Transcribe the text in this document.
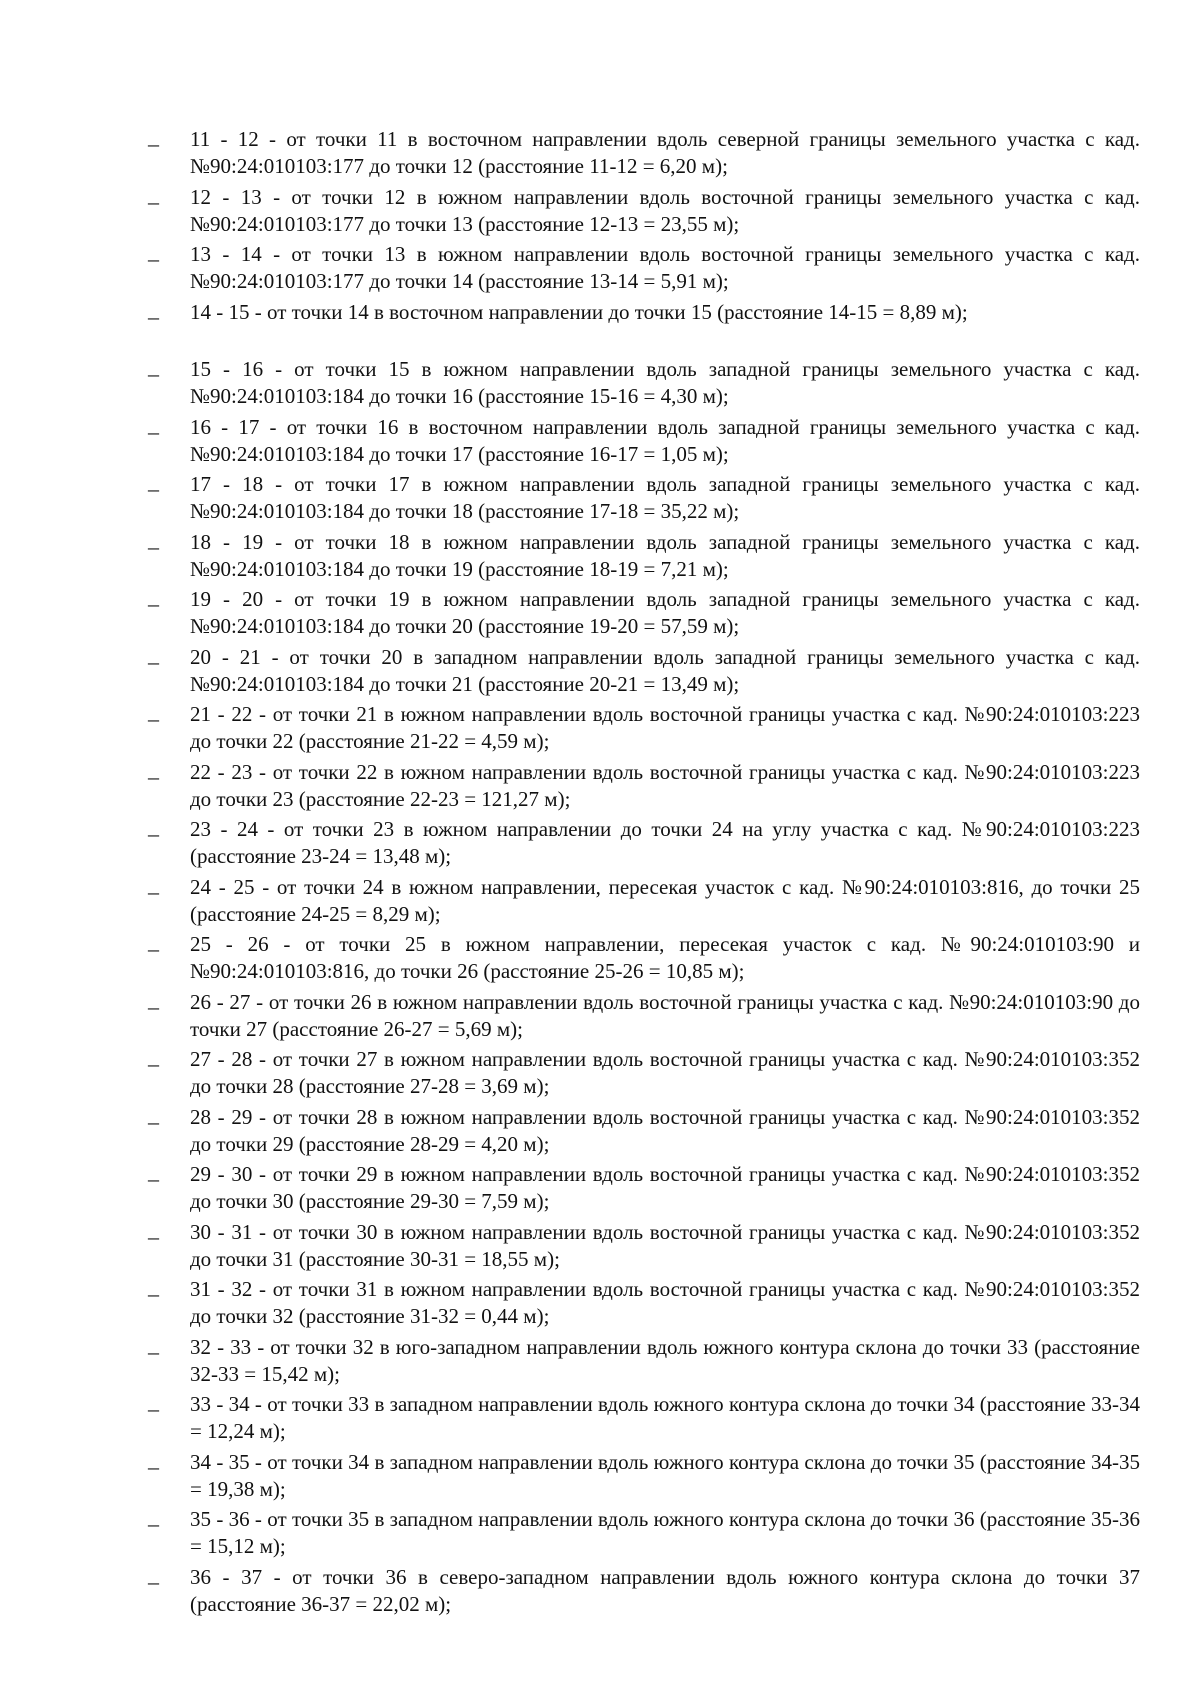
– 11 - 12 - от точки 11 в восточном направлении вдоль северной границы земельного участка с кад. №90:24:010103:177 до точки 12 (расстояние 11-12 = 6,20 м);
– 12 - 13 - от точки 12 в южном направлении вдоль восточной границы земельного участка с кад. №90:24:010103:177 до точки 13 (расстояние 12-13 = 23,55 м);
– 13 - 14 - от точки 13 в южном направлении вдоль восточной границы земельного участка с кад. №90:24:010103:177 до точки 14 (расстояние 13-14 = 5,91 м);
– 14 - 15 - от точки 14 в восточном направлении до точки 15 (расстояние 14-15 = 8,89 м);
– 15 - 16 - от точки 15 в южном направлении вдоль западной границы земельного участка с кад. №90:24:010103:184 до точки 16 (расстояние 15-16 = 4,30 м);
– 16 - 17 - от точки 16 в восточном направлении вдоль западной границы земельного участка с кад. №90:24:010103:184 до точки 17 (расстояние 16-17 = 1,05 м);
– 17 - 18 - от точки 17 в южном направлении вдоль западной границы земельного участка с кад. №90:24:010103:184 до точки 18 (расстояние 17-18 = 35,22 м);
– 18 - 19 - от точки 18 в южном направлении вдоль западной границы земельного участка с кад. №90:24:010103:184 до точки 19 (расстояние 18-19 = 7,21 м);
– 19 - 20 - от точки 19 в южном направлении вдоль западной границы земельного участка с кад. №90:24:010103:184 до точки 20 (расстояние 19-20 = 57,59 м);
– 20 - 21 - от точки 20 в западном направлении вдоль западной границы земельного участка с кад. №90:24:010103:184 до точки 21 (расстояние 20-21 = 13,49 м);
– 21 - 22 - от точки 21 в южном направлении вдоль восточной границы участка с кад. №90:24:010103:223 до точки 22 (расстояние 21-22 = 4,59 м);
– 22 - 23 - от точки 22 в южном направлении вдоль восточной границы участка с кад. №90:24:010103:223 до точки 23 (расстояние 22-23 = 121,27 м);
– 23 - 24 - от точки 23 в южном направлении до точки 24 на углу участка с кад. №90:24:010103:223 (расстояние 23-24 = 13,48 м);
– 24 - 25 - от точки 24 в южном направлении, пересекая участок с кад. №90:24:010103:816, до точки 25 (расстояние 24-25 = 8,29 м);
– 25 - 26 - от точки 25 в южном направлении, пересекая участок с кад. №90:24:010103:90 и №90:24:010103:816, до точки 26 (расстояние 25-26 = 10,85 м);
– 26 - 27 - от точки 26 в южном направлении вдоль восточной границы участка с кад. №90:24:010103:90 до точки 27 (расстояние 26-27 = 5,69 м);
– 27 - 28 - от точки 27 в южном направлении вдоль восточной границы участка с кад. №90:24:010103:352 до точки 28 (расстояние 27-28 = 3,69 м);
– 28 - 29 - от точки 28 в южном направлении вдоль восточной границы участка с кад. №90:24:010103:352 до точки 29 (расстояние 28-29 = 4,20 м);
– 29 - 30 - от точки 29 в южном направлении вдоль восточной границы участка с кад. №90:24:010103:352 до точки 30 (расстояние 29-30 = 7,59 м);
– 30 - 31 - от точки 30 в южном направлении вдоль восточной границы участка с кад. №90:24:010103:352 до точки 31 (расстояние 30-31 = 18,55 м);
– 31 - 32 - от точки 31 в южном направлении вдоль восточной границы участка с кад. №90:24:010103:352 до точки 32 (расстояние 31-32 = 0,44 м);
– 32 - 33 - от точки 32 в юго-западном направлении вдоль южного контура склона до точки 33 (расстояние 32-33 = 15,42 м);
– 33 - 34 - от точки 33 в западном направлении вдоль южного контура склона до точки 34 (расстояние 33-34 = 12,24 м);
– 34 - 35 - от точки 34 в западном направлении вдоль южного контура склона до точки 35 (расстояние 34-35 = 19,38 м);
– 35 - 36 - от точки 35 в западном направлении вдоль южного контура склона до точки 36 (расстояние 35-36 = 15,12 м);
– 36 - 37 - от точки 36 в северо-западном направлении вдоль южного контура склона до точки 37 (расстояние 36-37 = 22,02 м);
